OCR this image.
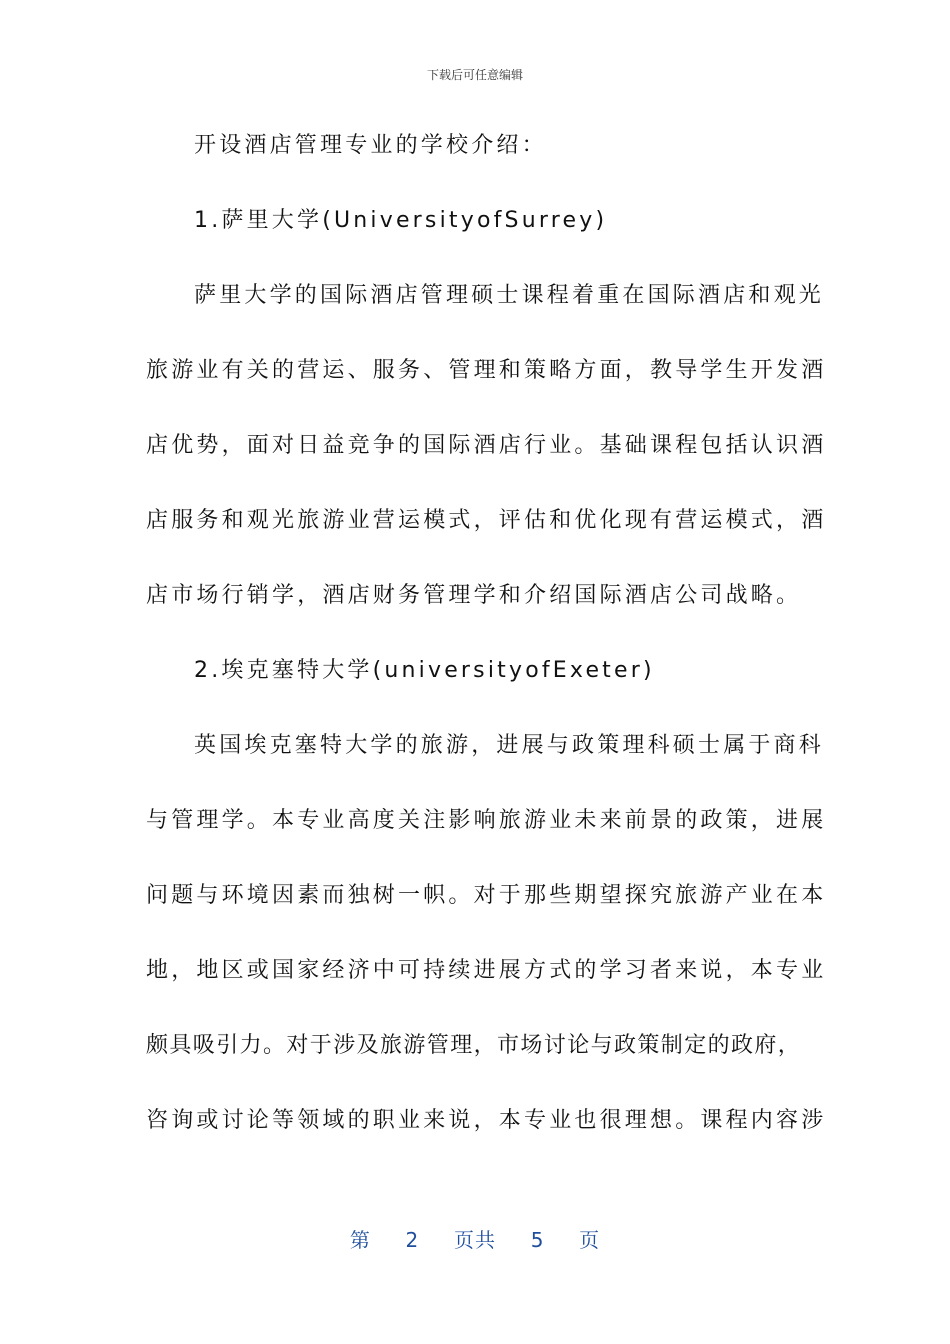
下载后可任意编辑
开设酒店管理专业的学校介绍：
1.萨里大学(UniversityofSurrey)
萨里大学的国际酒店管理硕士课程着重在国际酒店和观光
旅游业有关的营运、服务、管理和策略方面，教导学生开发酒
店优势，面对日益竞争的国际酒店行业。基础课程包括认识酒
店服务和观光旅游业营运模式，评估和优化现有营运模式，酒
店市场行销学，酒店财务管理学和介绍国际酒店公司战略。
2.埃克塞特大学(universityofExeter)
英国埃克塞特大学的旅游，进展与政策理科硕士属于商科
与管理学。本专业高度关注影响旅游业未来前景的政策，进展
问题与环境因素而独树一帜。对于那些期望探究旅游产业在本
地，地区或国家经济中可持续进展方式的学习者来说，本专业
颇具吸引力。对于涉及旅游管理，市场讨论与政策制定的政府，
咨询或讨论等领域的职业来说，本专业也很理想。课程内容涉
第 2 页共 5 页
